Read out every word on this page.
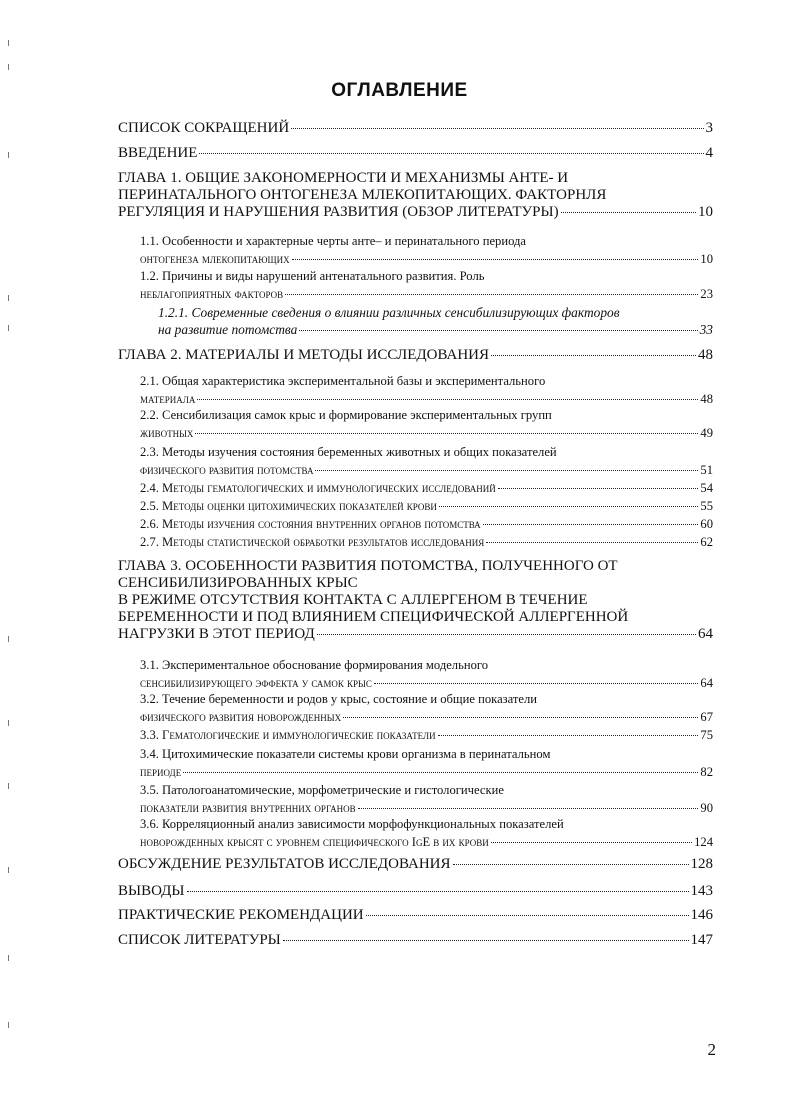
ОГЛАВЛЕНИЕ
СПИСОК СОКРАЩЕНИЙ	3
ВВЕДЕНИЕ	4
ГЛАВА 1. ОБЩИЕ ЗАКОНОМЕРНОСТИ И МЕХАНИЗМЫ АНТЕ- И
ПЕРИНАТАЛЬНОГО ОНТОГЕНЕЗА МЛЕКОПИТАЮЩИХ. ФАКТОРНЛЯ
РЕГУЛЯЦИЯ И НАРУШЕНИЯ РАЗВИТИЯ (ОБЗОР ЛИТЕРАТУРЫ)	10
1.1. Особенности и характерные черты анте– и перинатального периода
онтогенеза млекопитающих	10
1.2. Причины и виды нарушений антенатального развития. Роль
неблагоприятных факторов	23
1.2.1. Современные сведения о влиянии различных сенсибилизирующих факторов
на развитие потомства	33
ГЛАВА 2. МАТЕРИАЛЫ И МЕТОДЫ ИССЛЕДОВАНИЯ	48
2.1. Общая характеристика экспериментальной базы и экспериментального
материала	48
2.2. Сенсибилизация самок крыс и формирование экспериментальных групп
животных	49
2.3. Методы изучения состояния беременных животных и общих показателей
физического развития потомства	51
2.4. Методы гематологических и иммунологических исследований	54
2.5. Методы оценки цитохимических показателей крови	55
2.6. Методы изучения состояния внутренних органов потомства	60
2.7. Методы статистической обработки результатов исследования	62
ГЛАВА 3. ОСОБЕННОСТИ РАЗВИТИЯ ПОТОМСТВА, ПОЛУЧЕННОГО ОТ
СЕНСИБИЛИЗИРОВАННЫХ КРЫС
В РЕЖИМЕ ОТСУТСТВИЯ КОНТАКТА С АЛЛЕРГЕНОМ В ТЕЧЕНИЕ
БЕРЕМЕННОСТИ И ПОД ВЛИЯНИЕМ СПЕЦИФИЧЕСКОЙ АЛЛЕРГЕННОЙ
НАГРУЗКИ В ЭТОТ ПЕРИОД	64
3.1. Экспериментальное обоснование формирования модельного
сенсибилизирующего эффекта у самок крыс	64
3.2. Течение беременности и родов у крыс, состояние и общие показатели
физического развития новорожденных	67
3.3. Гематологические и иммунологические показатели	75
3.4. Цитохимические показатели системы крови организма в перинатальном
периоде	82
3.5. Патологоанатомические, морфометрические и гистологические
показатели развития внутренних органов	90
3.6. Корреляционный анализ зависимости морфофункциональных показателей
новорожденных крысят с уровнем специфического IgE в их крови	124
ОБСУЖДЕНИЕ РЕЗУЛЬТАТОВ ИССЛЕДОВАНИЯ	128
ВЫВОДЫ	143
ПРАКТИЧЕСКИЕ РЕКОМЕНДАЦИИ	146
СПИСОК ЛИТЕРАТУРЫ	147
2
